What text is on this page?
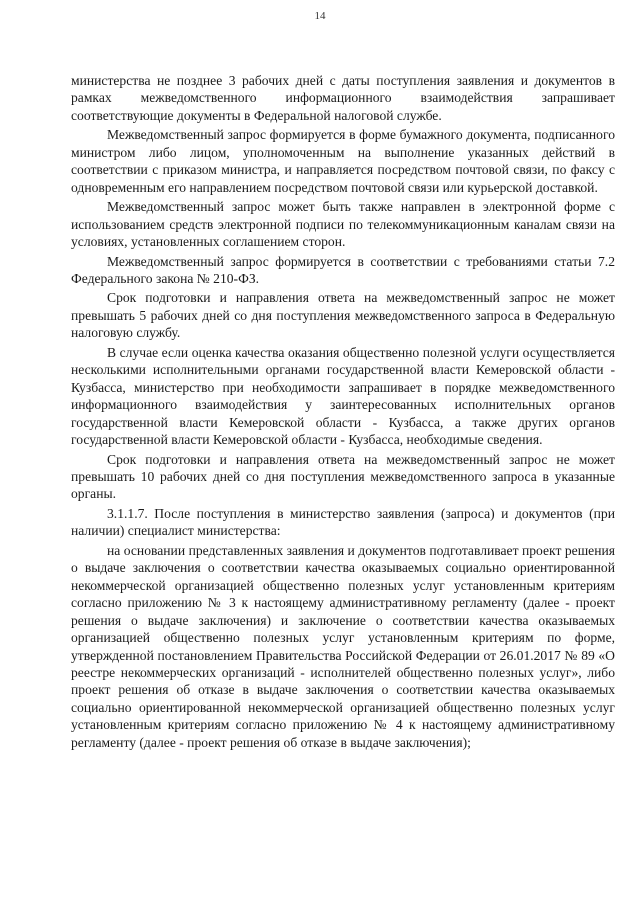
14

министерства не позднее 3 рабочих дней с даты поступления заявления и документов в рамках межведомственного информационного взаимодействия запрашивает соответствующие документы в Федеральной налоговой службе.

Межведомственный запрос формируется в форме бумажного документа, подписанного министром либо лицом, уполномоченным на выполнение указанных действий в соответствии с приказом министра, и направляется посредством почтовой связи, по факсу с одновременным его направлением посредством почтовой связи или курьерской доставкой.

Межведомственный запрос может быть также направлен в электронной форме с использованием средств электронной подписи по телекоммуникационным каналам связи на условиях, установленных соглашением сторон.

Межведомственный запрос формируется в соответствии с требованиями статьи 7.2 Федерального закона № 210-ФЗ.

Срок подготовки и направления ответа на межведомственный запрос не может превышать 5 рабочих дней со дня поступления межведомственного запроса в Федеральную налоговую службу.

В случае если оценка качества оказания общественно полезной услуги осуществляется несколькими исполнительными органами государственной власти Кемеровской области - Кузбасса, министерство при необходимости запрашивает в порядке межведомственного информационного взаимодействия у заинтересованных исполнительных органов государственной власти Кемеровской области - Кузбасса, а также других органов государственной власти Кемеровской области - Кузбасса, необходимые сведения.

Срок подготовки и направления ответа на межведомственный запрос не может превышать 10 рабочих дней со дня поступления межведомственного запроса в указанные органы.

3.1.1.7. После поступления в министерство заявления (запроса) и документов (при наличии) специалист министерства:

на основании представленных заявления и документов подготавливает проект решения о выдаче заключения о соответствии качества оказываемых социально ориентированной некоммерческой организацией общественно полезных услуг установленным критериям согласно приложению № 3 к настоящему административному регламенту (далее - проект решения о выдаче заключения) и заключение о соответствии качества оказываемых организацией общественно полезных услуг установленным критериям по форме, утвержденной постановлением Правительства Российской Федерации от 26.01.2017 № 89 «О реестре некоммерческих организаций - исполнителей общественно полезных услуг», либо проект решения об отказе в выдаче заключения о соответствии качества оказываемых социально ориентированной некоммерческой организацией общественно полезных услуг установленным критериям согласно приложению № 4 к настоящему административному регламенту (далее - проект решения об отказе в выдаче заключения);
